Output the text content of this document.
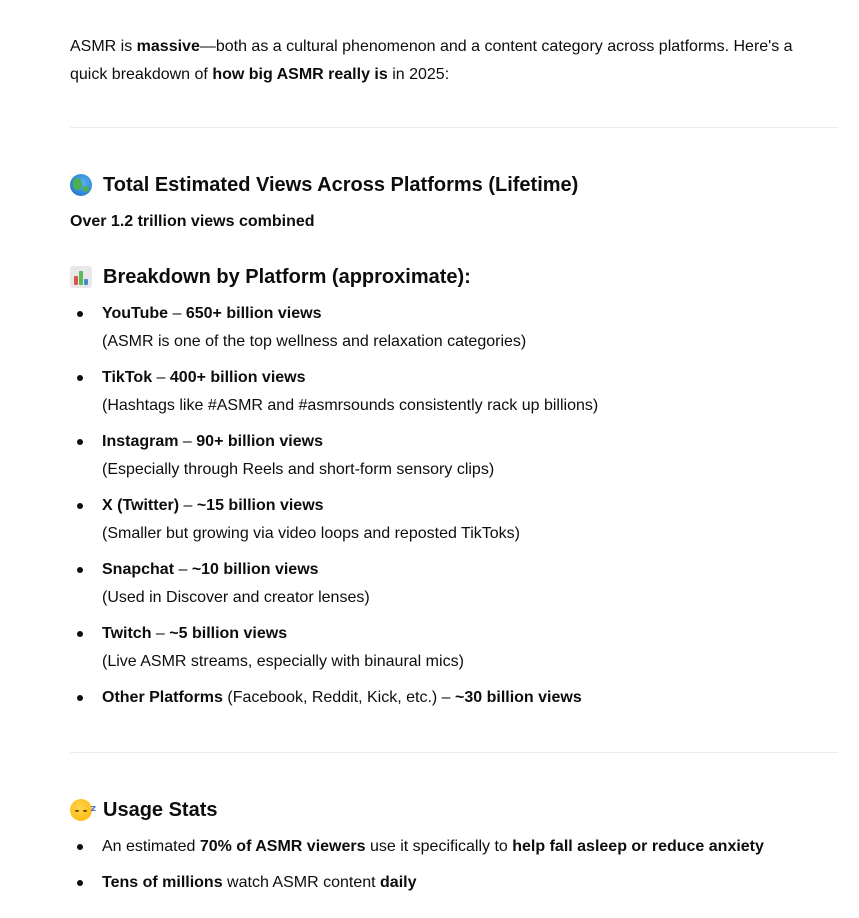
ASMR is massive—both as a cultural phenomenon and a content category across platforms. Here's a quick breakdown of how big ASMR really is in 2025:

Total Estimated Views Across Platforms (Lifetime)

Over 1.2 trillion views combined

Breakdown by Platform (approximate):
YouTube – 650+ billion views
(ASMR is one of the top wellness and relaxation categories)
TikTok – 400+ billion views
(Hashtags like #ASMR and #asmrsounds consistently rack up billions)
Instagram – 90+ billion views
(Especially through Reels and short-form sensory clips)
X (Twitter) – ~15 billion views
(Smaller but growing via video loops and reposted TikToks)
Snapchat – ~10 billion views
(Used in Discover and creator lenses)
Twitch – ~5 billion views
(Live ASMR streams, especially with binaural mics)
Other Platforms (Facebook, Reddit, Kick, etc.) – ~30 billion views
z Usage Stats
An estimated 70% of ASMR viewers use it specifically to help fall asleep or reduce anxiety
Tens of millions watch ASMR content daily
